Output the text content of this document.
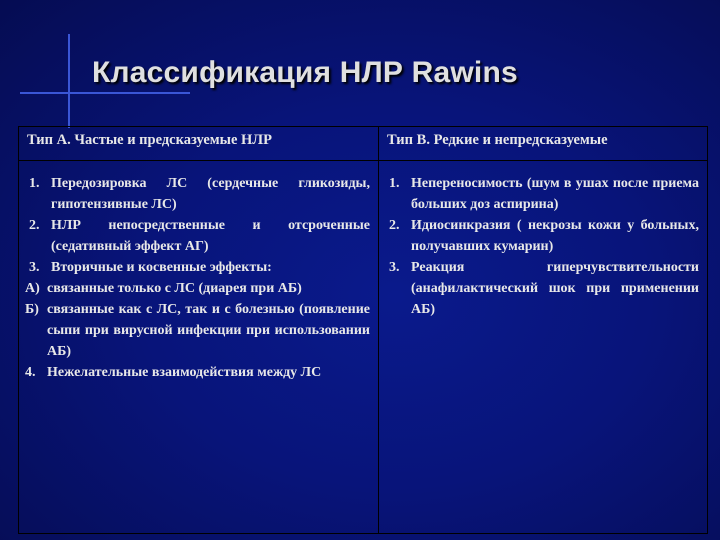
Классификация НЛР Rawins
Тип А. Частые и предсказуемые НЛР
1. Передозировка ЛС (сердечные гликозиды, гипотензивные ЛС)
2. НЛР непосредственные и отсроченные (седативный эффект АГ)
3. Вторичные и косвенные эффекты:
А) связанные только с ЛС (диарея при АБ)
Б) связанные как с ЛС, так и с болезнью (появление сыпи при вирусной инфекции при использовании АБ)
4. Нежелательные взаимодействия между ЛС
Тип В. Редкие и непредсказуемые
1. Непереносимость (шум в ушах после приема больших доз аспирина)
2. Идиосинкразия ( некрозы кожи у больных, получавших кумарин)
3. Реакция гиперчувствительности (анафилактический шок при применении АБ)
